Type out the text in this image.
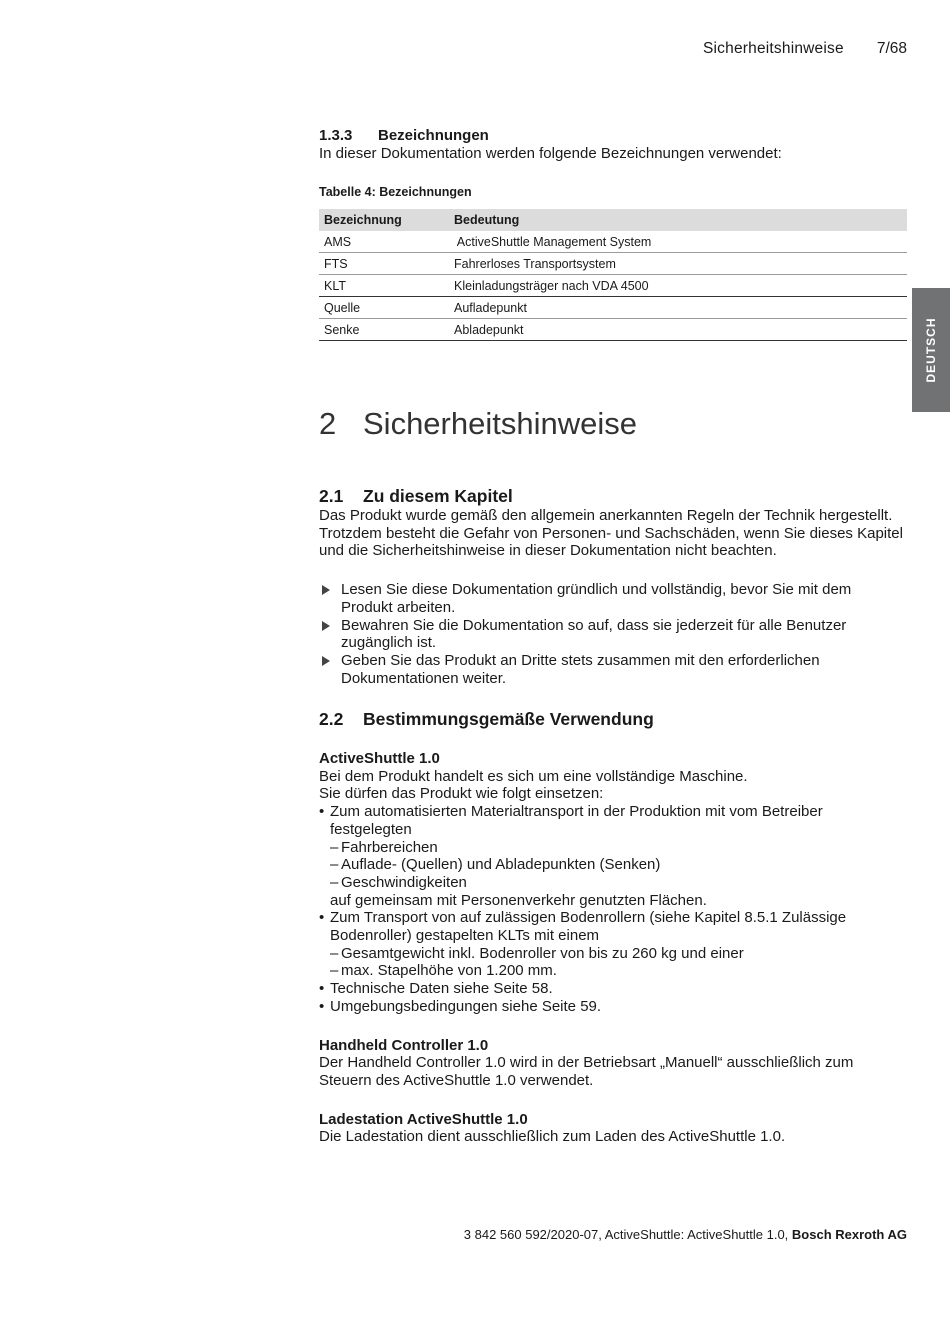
Sicherheitshinweise 7/68
DEUTSCH
1.3.3 Bezeichnungen
In dieser Dokumentation werden folgende Bezeichnungen verwendet:
Tabelle 4: Bezeichnungen
Bezeichnung	Bedeutung
AMS	ActiveShuttle Management System
FTS	Fahrerloses Transportsystem
KLT	Kleinladungsträger nach VDA 4500
Quelle	Aufladepunkt
Senke	Abladepunkt
2 Sicherheitshinweise
2.1 Zu diesem Kapitel
Das Produkt wurde gemäß den allgemein anerkannten Regeln der Technik hergestellt. Trotzdem besteht die Gefahr von Personen- und Sachschäden, wenn Sie dieses Kapitel und die Sicherheitshinweise in dieser Dokumentation nicht beachten.
Lesen Sie diese Dokumentation gründlich und vollständig, bevor Sie mit dem Produkt arbeiten.
Bewahren Sie die Dokumentation so auf, dass sie jederzeit für alle Benutzer zugänglich ist.
Geben Sie das Produkt an Dritte stets zusammen mit den erforderlichen Dokumentationen weiter.
2.2 Bestimmungsgemäße Verwendung
ActiveShuttle 1.0
Bei dem Produkt handelt es sich um eine vollständige Maschine.
Sie dürfen das Produkt wie folgt einsetzen:
• Zum automatisierten Materialtransport in der Produktion mit vom Betreiber festgelegten
– Fahrbereichen
– Auflade- (Quellen) und Abladepunkten (Senken)
– Geschwindigkeiten
auf gemeinsam mit Personenverkehr genutzten Flächen.
• Zum Transport von auf zulässigen Bodenrollern (siehe Kapitel 8.5.1 Zulässige Bodenroller) gestapelten KLTs mit einem
– Gesamtgewicht inkl. Bodenroller von bis zu 260 kg und einer
– max. Stapelhöhe von 1.200 mm.
• Technische Daten siehe Seite 58.
• Umgebungsbedingungen siehe Seite 59.
Handheld Controller 1.0
Der Handheld Controller 1.0 wird in der Betriebsart „Manuell“ ausschließlich zum Steuern des ActiveShuttle 1.0 verwendet.
Ladestation ActiveShuttle 1.0
Die Ladestation dient ausschließlich zum Laden des ActiveShuttle 1.0.
3 842 560 592/2020-07, ActiveShuttle: ActiveShuttle 1.0, Bosch Rexroth AG
